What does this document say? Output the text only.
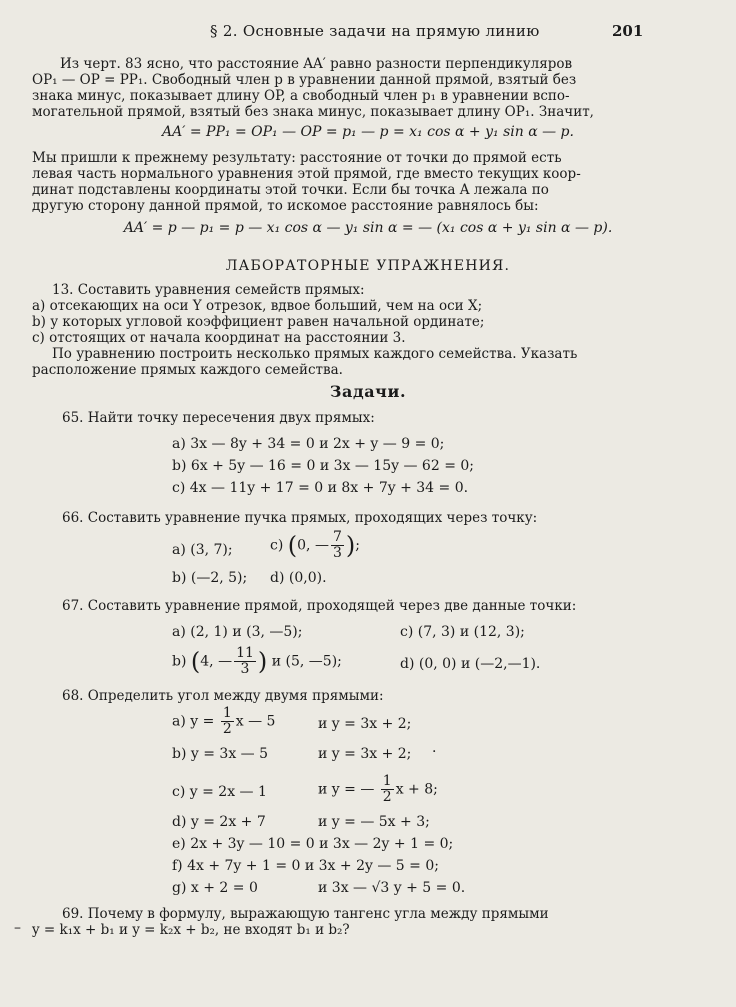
§ 2. Основные задачи на прямую линию	201
Из черт. 83 ясно, что расстояние AA′ равно разности перпендикуляров
OP₁ — OP = PP₁. Свободный член p в уравнении данной прямой, взятый без
знака минус, показывает длину OP, а свободный член p₁ в уравнении вспо-
могательной прямой, взятый без знака минус, показывает длину OP₁. Значит,
AA′ = PP₁ = OP₁ — OP = p₁ — p = x₁ cos α + y₁ sin α — p.
Мы пришли к прежнему результату: расстояние от точки до прямой есть
левая часть нормального уравнения этой прямой, где вместо текущих коор-
динат подставлены координаты этой точки. Если бы точка A лежала по
другую сторону данной прямой, то искомое расстояние равнялось бы:
AA′ = p — p₁ = p — x₁ cos α — y₁ sin α = — (x₁ cos α + y₁ sin α — p).
ЛАБОРАТОРНЫЕ УПРАЖНЕНИЯ.
13. Составить уравнения семейств прямых:
a) отсекающих на оси Y отрезок, вдвое больший, чем на оси X;
b) у которых угловой коэффициент равен начальной ординате;
c) отстоящих от начала координат на расстоянии 3.
По уравнению построить несколько прямых каждого семейства. Указать
расположение прямых каждого семейства.
Задачи.
65. Найти точку пересечения двух прямых:
a) 3x — 8y + 34 = 0 и 2x + y — 9 = 0;
b) 6x + 5y — 16 = 0 и 3x — 15y — 62 = 0;
c) 4x — 11y + 17 = 0 и 8x + 7y + 34 = 0.
66. Составить уравнение пучка прямых, проходящих через точку:
a) (3, 7);	c) (0, — $\frac{7}{3}$ );
b) (—2, 5); d) (0,0).
67. Составить уравнение прямой, проходящей через две данные точки:
a) (2, 1) и (3, —5);	c) (7, 3) и (12, 3);
b) (4, — $\frac{11}{3}$ ) и (5, —5);	d) (0, 0) и (—2,—1).
68. Определить угол между двумя прямыми:
a) $y = \frac{1}{2}$ x — 5	и y = 3x + 2;
b) y = 3x — 5	и y = 3x + 2; ·
c) y = 2x — 1	и y = — $\frac{1}{2}$ x + 8;
d) y = 2x + 7	и y = — 5x + 3;
e) 2x + 3y — 10 = 0 и 3x — 2y + 1 = 0;
f) 4x + 7y + 1 = 0 и 3x + 2y — 5 = 0;
g) x + 2 = 0	и 3x — √3 y + 5 = 0.
69. Почему в формулу, выражающую тангенс угла между прямыми
– y = k₁x + b₁ и y = k₂x + b₂, не входят b₁ и b₂?
